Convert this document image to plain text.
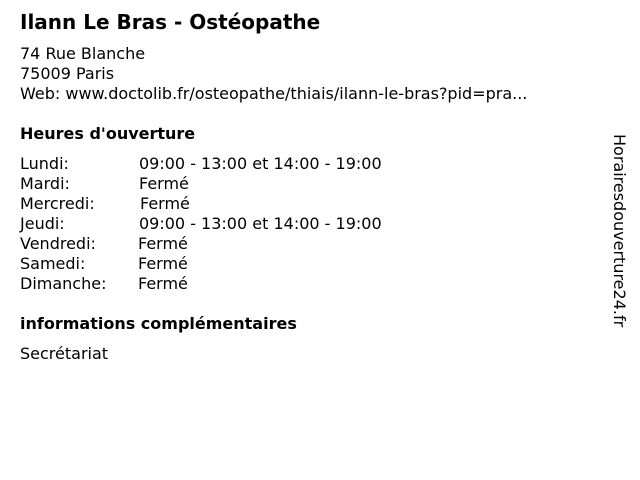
Ilann Le Bras - Ostéopathe
74 Rue Blanche
75009 Paris
Web: www.doctolib.fr/osteopathe/thiais/ilann-le-bras?pid=pra...
Heures d'ouverture
Lundi:	09:00 - 13:00 et 14:00 - 19:00
Mardi:	Fermé
Mercredi:	Fermé
Jeudi:	09:00 - 13:00 et 14:00 - 19:00
Vendredi:	Fermé
Samedi:	Fermé
Dimanche: Fermé
informations complémentaires
Secrétariat
Horairesdouverture24.fr
